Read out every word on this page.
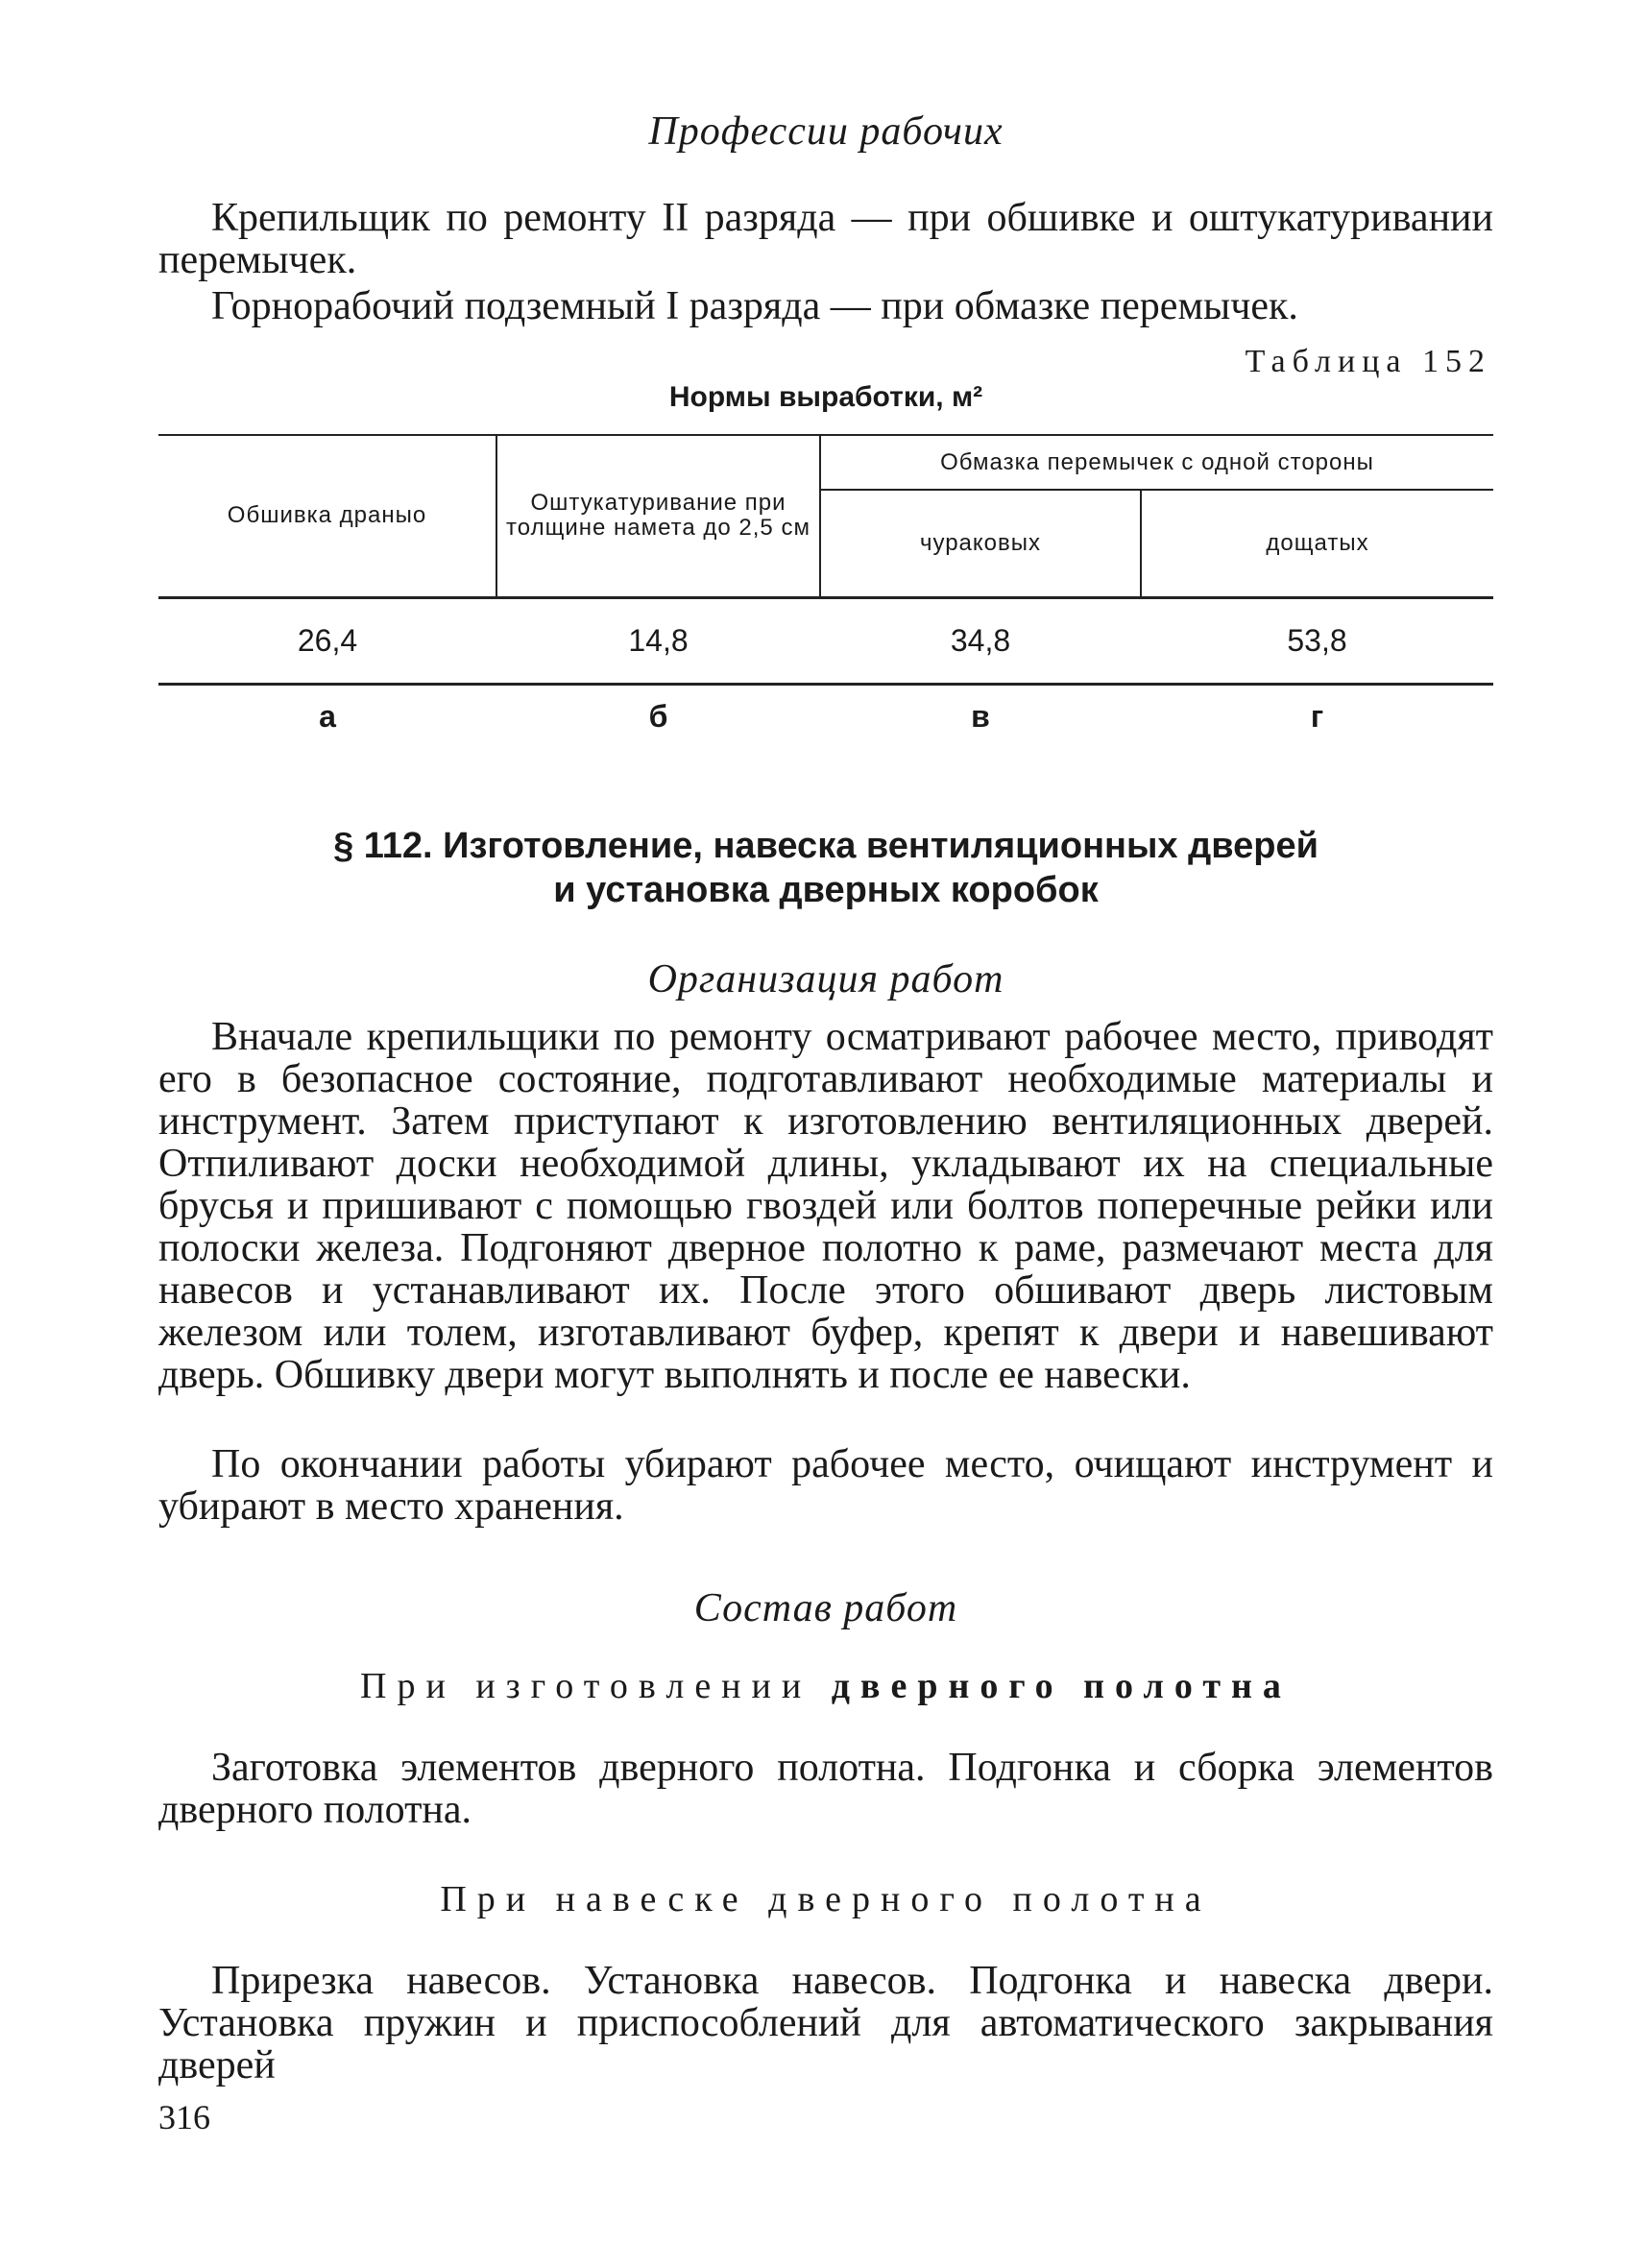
Профессии рабочих

Крепильщик по ремонту II разряда — при обшивке и оштукатуривании перемычек.

Горнорабочий подземный I разряда — при обмазке перемычек.

Таблица 152

Нормы выработки, м²

Обшивка драныо	Оштукатуривание при толщине намета до 2,5 см	Обмазка перемычек с одной стороны	
		чураковых	дощатых
26,4	14,8	34,8	53,8
а	б	в	г

§ 112. Изготовление, навеска вентиляционных дверей

и установка дверных коробок

Организация работ

Вначале крепильщики по ремонту осматривают рабочее место, приводят его в безопасное состояние, подготавливают необходимые материалы и инструмент. Затем приступают к изготовлению вентиляционных дверей. Отпиливают доски необходимой длины, укладывают их на специальные брусья и пришивают с помощью гвоздей или болтов поперечные рейки или полоски железа. Подгоняют дверное полотно к раме, размечают места для навесов и устанавливают их. После этого обшивают дверь листовым железом или толем, изготавливают буфер, крепят к двери и навешивают дверь. Обшивку двери могут выполнять и после ее навески.

По окончании работы убирают рабочее место, очищают инструмент и убирают в место хранения.

Состав работ

При изготовлении дверного полотна

Заготовка элементов дверного полотна. Подгонка и сборка элементов дверного полотна.

При навеске дверного полотна

Прирезка навесов. Установка навесов. Подгонка и навеска двери. Установка пружин и приспособлений для автоматического закрывания дверей

316
